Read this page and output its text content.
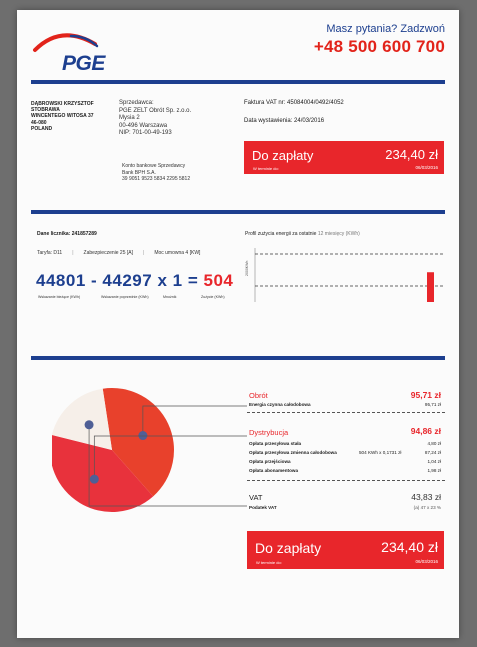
PGE
Masz pytania? Zadzwoń
+48 500 600 700
DĄBROWSKI KRZYSZTOF
STOBRAWA
WINCENTEGO WITOSA 37
46-080
POLAND
Sprzedawca:
PGE ZELT Obrót Sp. z.o.o.
Mysia 2
00-496 Warszawa
NIP: 701-00-49-193
Konto bankowe Sprzedawcy
Bank BPH S.A.
39 9051 9523 5834 2295 5812
Faktura VAT nr: 45084004/0492/4052
Data wystawienia: 24/03/2016
Do zapłaty	234,40 zł
W terminie do:	06/03/2016
Dane licznika: 241857289
Taryfa: D11 | Zabezpieczenie 25 [A] | Moc umowna 4 [KW]
44801 - 44297 x 1 = 504
Wskazanie bieżące (KWh)	Wskazanie poprzednie (KWh)	Mnożnik	Zużycie (KWh)
Profil zużycia energii za ostatnie 12 miesięcy (KWh)
2000KWh
Obrót	95,71 zł
Energia czynna całodobowa	95,71 zł
Dystrybucja	94,86 zł
Opłata przesyłowa stała	4,80 zł
Opłata przesyłowa zmienna całodobowa	504 KWh x 0,1731 zł	87,24 zł
Opłata przejściowa	1,04 zł
Opłata abonamentowa	1,98 zł
VAT	43,83 zł
Podatek VAT	(a) 47 x 23 %
Do zapłaty	234,40 zł
W terminie do:	06/03/2016
